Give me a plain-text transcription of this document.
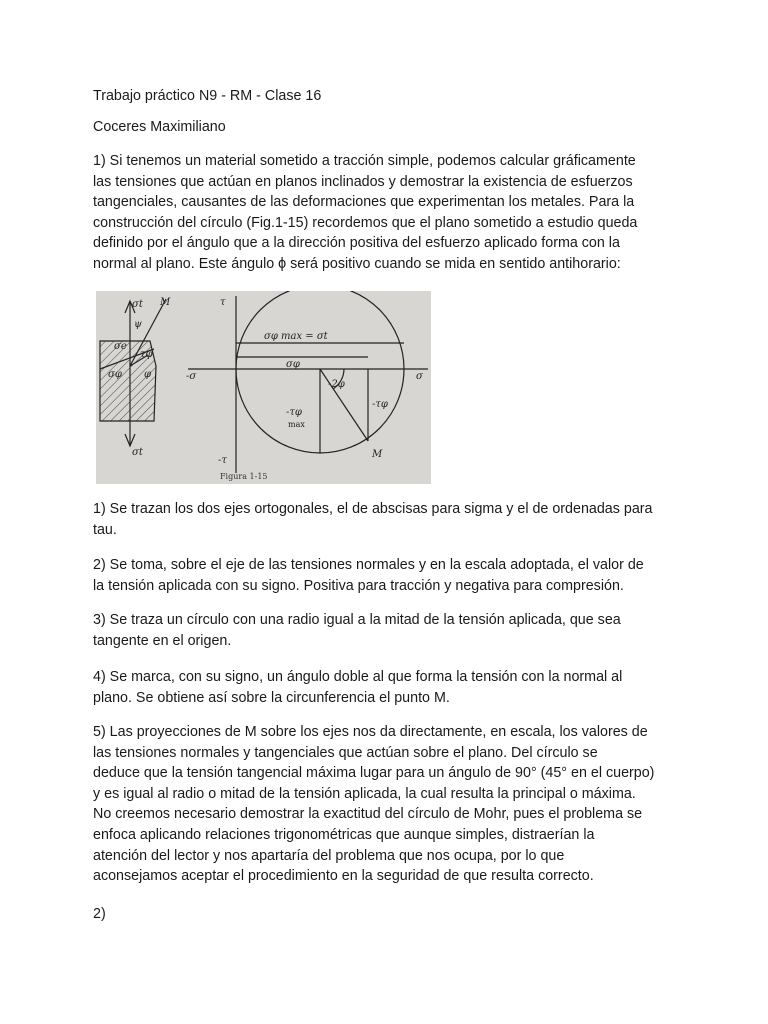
Trabajo práctico N9 - RM - Clase 16
Coceres Maximiliano
1) Si tenemos un material sometido a tracción simple, podemos calcular gráficamente
las tensiones que actúan en planos inclinados y demostrar la existencia de esfuerzos
tangenciales, causantes de las deformaciones que experimentan los metales. Para la
construcción del círculo (Fig.1-15) recordemos que el plano sometido a estudio queda
definido por el ángulo que a la dirección positiva del esfuerzo aplicado forma con la
normal al plano. Este ángulo ϕ será positivo cuando se mida en sentido antihorario:
σt M
ψ
σe
τφ
σφ φ
σt
τ
-τ
-σ	σ
σφ max = σt
σφ
-2φ
-τφ
-τφ
max
M
Figura 1-15
1) Se trazan los dos ejes ortogonales, el de abscisas para sigma y el de ordenadas para
tau.
2) Se toma, sobre el eje de las tensiones normales y en la escala adoptada, el valor de
la tensión aplicada con su signo. Positiva para tracción y negativa para compresión.
3) Se traza un círculo con una radio igual a la mitad de la tensión aplicada, que sea
tangente en el origen.
4) Se marca, con su signo, un ángulo doble al que forma la tensión con la normal al
plano. Se obtiene así sobre la circunferencia el punto M.
5) Las proyecciones de M sobre los ejes nos da directamente, en escala, los valores de
las tensiones normales y tangenciales que actúan sobre el plano. Del círculo se
deduce que la tensión tangencial máxima lugar para un ángulo de 90° (45° en el cuerpo)
y es igual al radio o mitad de la tensión aplicada, la cual resulta la principal o máxima.
No creemos necesario demostrar la exactitud del círculo de Mohr, pues el problema se
enfoca aplicando relaciones trigonométricas que aunque simples, distraerían la
atención del lector y nos apartaría del problema que nos ocupa, por lo que
aconsejamos aceptar el procedimiento en la seguridad de que resulta correcto.
2)
